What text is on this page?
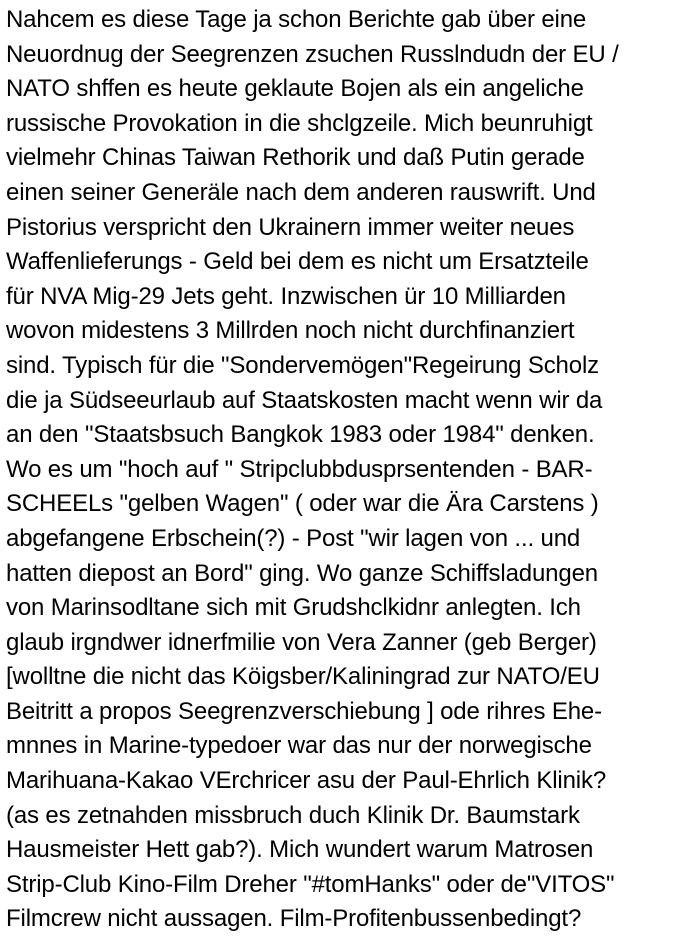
Nahcem es diese Tage ja schon Berichte gab über eine
Neuordnug der Seegrenzen zsuchen Russlndudn der EU /
NATO shffen es heute geklaute Bojen als ein angeliche
russische Provokation in die shclgzeile. Mich beunruhigt
vielmehr Chinas Taiwan Rethorik und daß Putin gerade
einen seiner Generäle nach dem anderen rauswrift. Und
Pistorius verspricht den Ukrainern immer weiter neues
Waffenlieferungs - Geld bei dem es nicht um Ersatzteile
für NVA Mig-29 Jets geht. Inzwischen ür 10 Milliarden
wovon midestens 3 Millrden noch nicht durchfinanziert
sind. Typisch für die "Sondervemögen"Regeirung Scholz
die ja Südseeurlaub auf Staatskosten macht wenn wir da
an den "Staatsbsuch Bangkok 1983 oder 1984" denken.
Wo es um "hoch auf " Stripclubbdusprsentenden - BAR-
SCHEELs "gelben Wagen" ( oder war die Ära Carstens )
abgefangene Erbschein(?) - Post "wir lagen von ... und
hatten diepost an Bord" ging. Wo ganze Schiffsladungen
von Marinsodltane sich mit Grudshclkidnr anlegten. Ich
glaub irgndwer idnerfmilie von Vera Zanner (geb Berger)
[wolltne die nicht das Köigsber/Kaliningrad zur NATO/EU
Beitritt a propos Seegrenzverschiebung ] ode rihres Ehe-
mnnes in Marine-typedoer war das nur der norwegische
Marihuana-Kakao VErchricer asu der Paul-Ehrlich Klinik?
(as es zetnahden missbruch duch Klinik Dr. Baumstark
Hausmeister Hett gab?). Mich wundert warum Matrosen
Strip-Club Kino-Film Dreher "#tomHanks" oder de"VITOS"
Filmcrew nicht aussagen. Film-Profitenbussenbedingt?
